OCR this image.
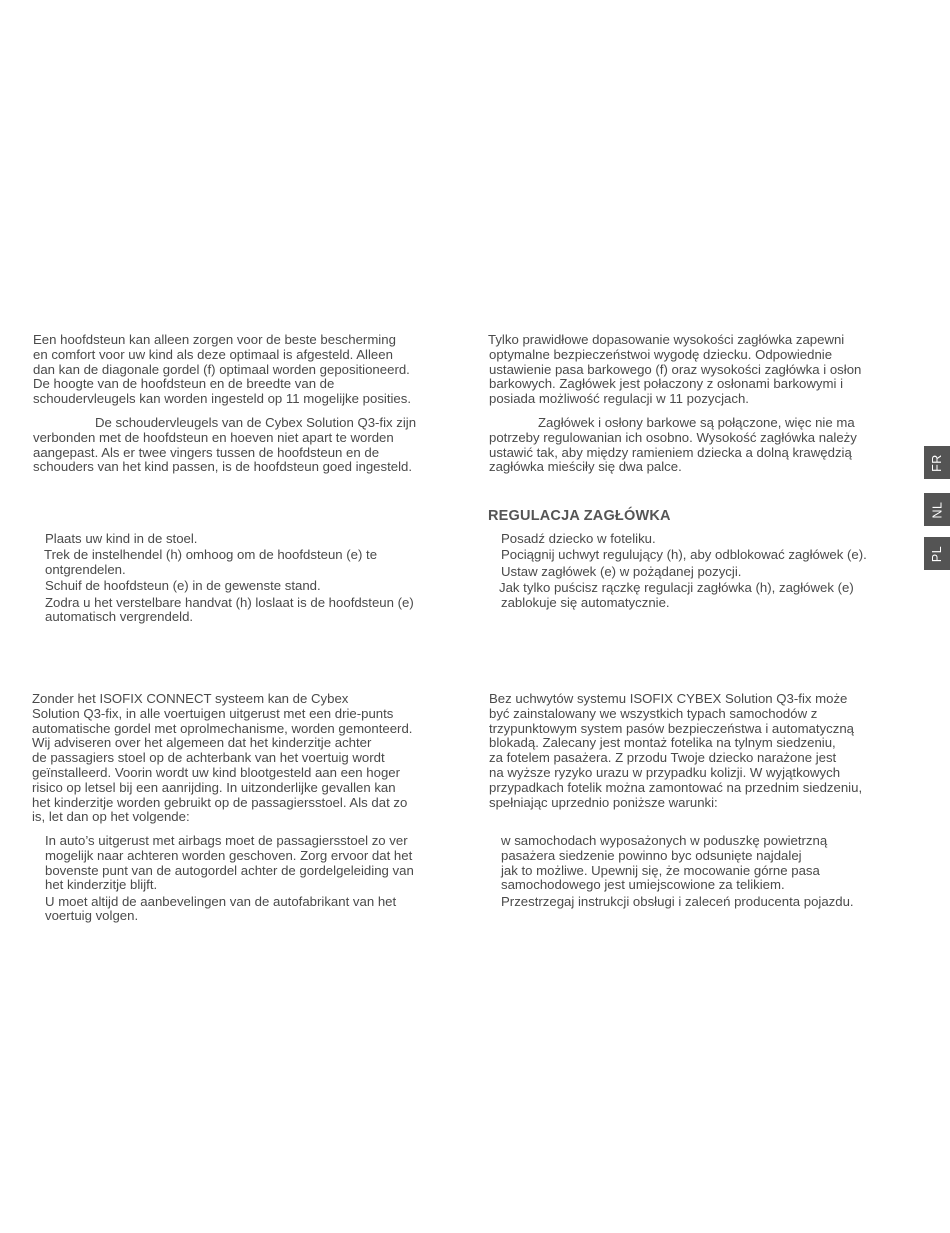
Een hoofdsteun kan alleen zorgen voor de beste bescherming
en comfort voor uw kind als deze optimaal is afgesteld. Alleen
dan kan de diagonale gordel (f) optimaal worden gepositioneerd.
De hoogte van de hoofdsteun en de breedte van de
schoudervleugels kan worden ingesteld op 11 mogelijke posities.
De schoudervleugels van de Cybex Solution Q3-fix zijn
verbonden met de hoofdsteun en hoeven niet apart te worden
aangepast. Als er twee vingers tussen de hoofdsteun en de
schouders van het kind passen, is de hoofdsteun goed ingesteld.
Plaats uw kind in de stoel.
Trek de instelhendel (h) omhoog om de hoofdsteun (e) te
ontgrendelen.
Schuif de hoofdsteun (e) in de gewenste stand.
Zodra u het verstelbare handvat (h) loslaat is de hoofdsteun (e)
automatisch vergrendeld.
Zonder het ISOFIX CONNECT systeem kan de Cybex
Solution Q3-fix, in alle voertuigen uitgerust met een drie-punts
automatische gordel met oprolmechanisme, worden gemonteerd.
Wij adviseren over het algemeen dat het kinderzitje achter
de passagiers stoel op de achterbank van het voertuig wordt
geïnstalleerd. Voorin wordt uw kind blootgesteld aan een hoger
risico op letsel bij een aanrijding. In uitzonderlijke gevallen kan
het kinderzitje worden gebruikt op de passagiersstoel. Als dat zo
is, let dan op het volgende:
In auto’s uitgerust met airbags moet de passagiersstoel zo ver
mogelijk naar achteren worden geschoven. Zorg ervoor dat het
bovenste punt van de autogordel achter de gordelgeleiding van
het kinderzitje blijft.
U moet altijd de aanbevelingen van de autofabrikant van het
voertuig volgen.
Tylko prawidłowe dopasowanie wysokości zagłówka zapewni
optymalne bezpieczeństwoi wygodę dziecku. Odpowiednie
ustawienie pasa barkowego (f) oraz wysokości zagłówka i osłon
barkowych. Zagłówek jest połaczony z osłonami barkowymi i
posiada możliwość regulacji w 11 pozycjach.
Zagłówek i osłony barkowe są połączone, więc nie ma
potrzeby regulowanian ich osobno. Wysokość zagłówka należy
ustawić tak, aby między ramieniem dziecka a dolną krawędzią
zagłówka mieściły się dwa palce.
REGULACJA ZAGŁÓWKA
Posadź dziecko w foteliku.
Pociągnij uchwyt regulujący (h), aby odblokować zagłówek (e).
Ustaw zagłówek (e) w pożądanej pozycji.
Jak tylko puścisz rączkę regulacji zagłówka (h), zagłówek (e)
zablokuje się automatycznie.
Bez uchwytów systemu ISOFIX CYBEX Solution Q3-fix może
być zainstalowany we wszystkich typach samochodów z
trzypunktowym system pasów bezpieczeństwa i automatyczną
blokadą. Zalecany jest montaż fotelika na tylnym siedzeniu,
za fotelem pasażera. Z przodu Twoje dziecko narażone jest
na wyższe ryzyko urazu w przypadku kolizji. W wyjątkowych
przypadkach fotelik można zamontować na przednim siedzeniu,
spełniając uprzednio poniższe warunki:
w samochodach wyposażonych w poduszkę powietrzną
pasażera siedzenie powinno byc odsunięte najdalej
jak to możliwe. Upewnij się, że mocowanie górne pasa
samochodowego jest umiejscowione za telikiem.
Przestrzegaj instrukcji obsługi i zaleceń producenta pojazdu.
FR
NL
PL
